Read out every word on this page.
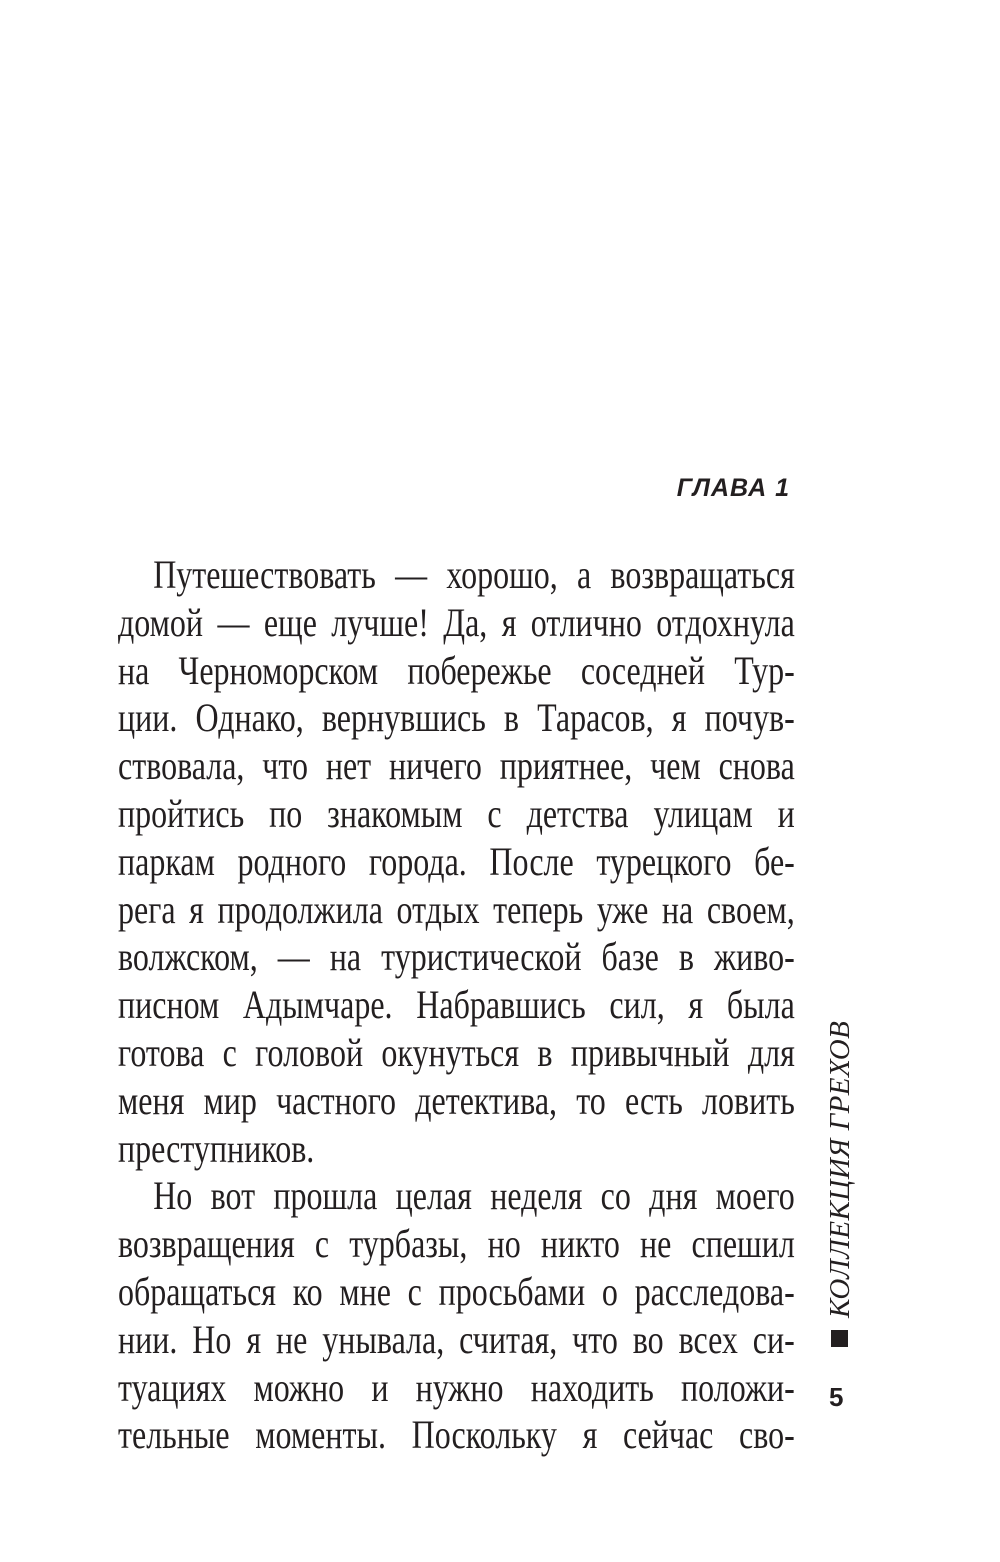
ГЛАВА 1
Путешествовать — хорошо, а возвращаться
домой — еще лучше! Да, я отлично отдохнула
на Черноморском побережье соседней Тур-
ции. Однако, вернувшись в Тарасов, я почув-
ствовала, что нет ничего приятнее, чем снова
пройтись по знакомым с детства улицам и
паркам родного города. После турецкого бе-
рега я продолжила отдых теперь уже на своем,
волжском, — на туристической базе в живо-
писном Адымчаре. Набравшись сил, я была
готова с головой окунуться в привычный для
меня мир частного детектива, то есть ловить
преступников.
Но вот прошла целая неделя со дня моего
возвращения с турбазы, но никто не спешил
обращаться ко мне с просьбами о расследова-
нии. Но я не унывала, считая, что во всех си-
туациях можно и нужно находить положи-
тельные моменты. Поскольку я сейчас сво-
КОЛЛЕКЦИЯ ГРЕХОВ
5
